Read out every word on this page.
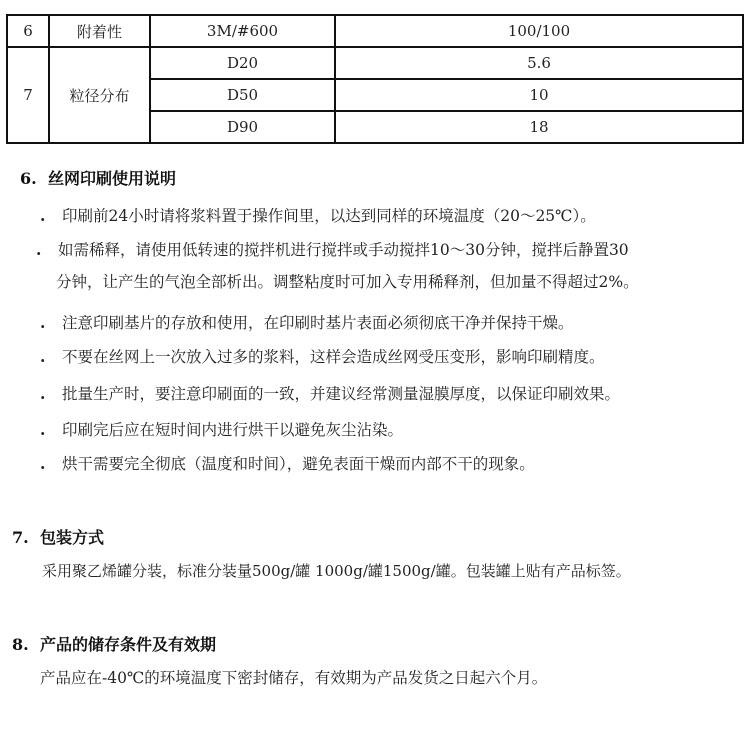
6	附着性	3M/#600	100/100
7	粒径分布	D20	5.6
		D50	10
		D90	18
6. 丝网印刷使用说明
. 印刷前24小时请将浆料置于操作间里，以达到同样的环境温度（20～25℃）。
. 如需稀释，请使用低转速的搅拌机进行搅拌或手动搅拌10～30分钟，搅拌后静置30
分钟，让产生的气泡全部析出。调整粘度时可加入专用稀释剂，但加量不得超过2%。
. 注意印刷基片的存放和使用，在印刷时基片表面必须彻底干净并保持干燥。
. 不要在丝网上一次放入过多的浆料，这样会造成丝网受压变形，影响印刷精度。
. 批量生产时，要注意印刷面的一致，并建议经常测量湿膜厚度，以保证印刷效果。
. 印刷完后应在短时间内进行烘干以避免灰尘沾染。
. 烘干需要完全彻底（温度和时间），避免表面干燥而内部不干的现象。
7. 包装方式
采用聚乙烯罐分装，标准分装量500g/罐 1000g/罐1500g/罐。包装罐上贴有产品标签。
8. 产品的储存条件及有效期
产品应在-40℃的环境温度下密封储存，有效期为产品发货之日起六个月。
